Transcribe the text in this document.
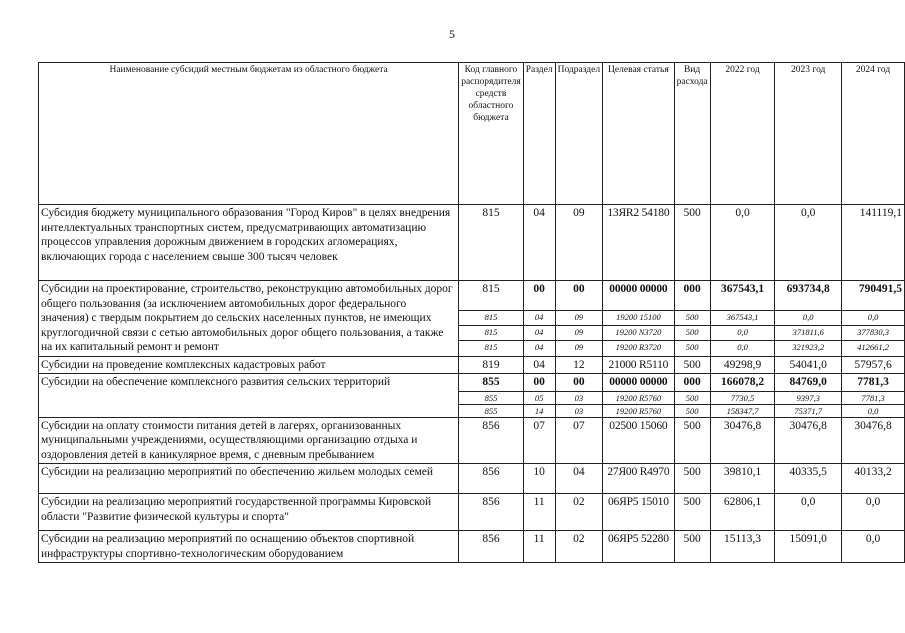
5
Наименование субсидий местным бюджетам из областного бюджета	Код главного распорядителя средств областного бюджета	Раздел	Подраздел	Целевая статья	Вид расхода	2022 год	2023 год	2024 год
Субсидия бюджету муниципального образования "Город Киров" в целях внедрения интеллектуальных транспортных систем, предусматривающих автоматизацию процессов управления дорожным движением в городских агломерациях, включающих города с населением свыше 300 тысяч человек	815	04	09	13ЯR2 54180	500	0,0	0,0	141119,1
Субсидии на проектирование, строительство, реконструкцию автомобильных дорог общего пользования (за исключением автомобильных дорог федерального значения) с твердым покрытием до сельских населенных пунктов, не имеющих круглогодичной связи с сетью автомобильных дорог общего пользования, а также на их капитальный ремонт и ремонт	815	00	00	00000 00000	000	367543,1	693734,8	790491,5
	815	04	09	19200 15100	500	367543,1	0,0	0,0
	815	04	09	19200 N3720	500	0,0	371811,6	377830,3
	815	04	09	19200 R3720	500	0,0	321923,2	412661,2
Субсидии на проведение комплексных кадастровых работ	819	04	12	21000 R5110	500	49298,9	54041,0	57957,6
Субсидии на обеспечение комплексного развития сельских территорий	855	00	00	00000 00000	000	166078,2	84769,0	7781,3
	855	05	03	19200 R5760	500	7730,5	9397,3	7781,3
	855	14	03	19200 R5760	500	158347,7	75371,7	0,0
Субсидии на оплату стоимости питания детей в лагерях, организованных муниципальными учреждениями, осуществляющими организацию отдыха и оздоровления детей в каникулярное время, с дневным пребыванием	856	07	07	02500 15060	500	30476,8	30476,8	30476,8
Субсидии на реализацию мероприятий по обеспечению жильем молодых семей	856	10	04	27Я00 R4970	500	39810,1	40335,5	40133,2
Субсидии на реализацию мероприятий государственной программы Кировской области "Развитие физической культуры и спорта"	856	11	02	06ЯР5 15010	500	62806,1	0,0	0,0
Субсидии на реализацию мероприятий по оснащению объектов спортивной инфраструктуры спортивно-технологическим оборудованием	856	11	02	06ЯР5 52280	500	15113,3	15091,0	0,0
